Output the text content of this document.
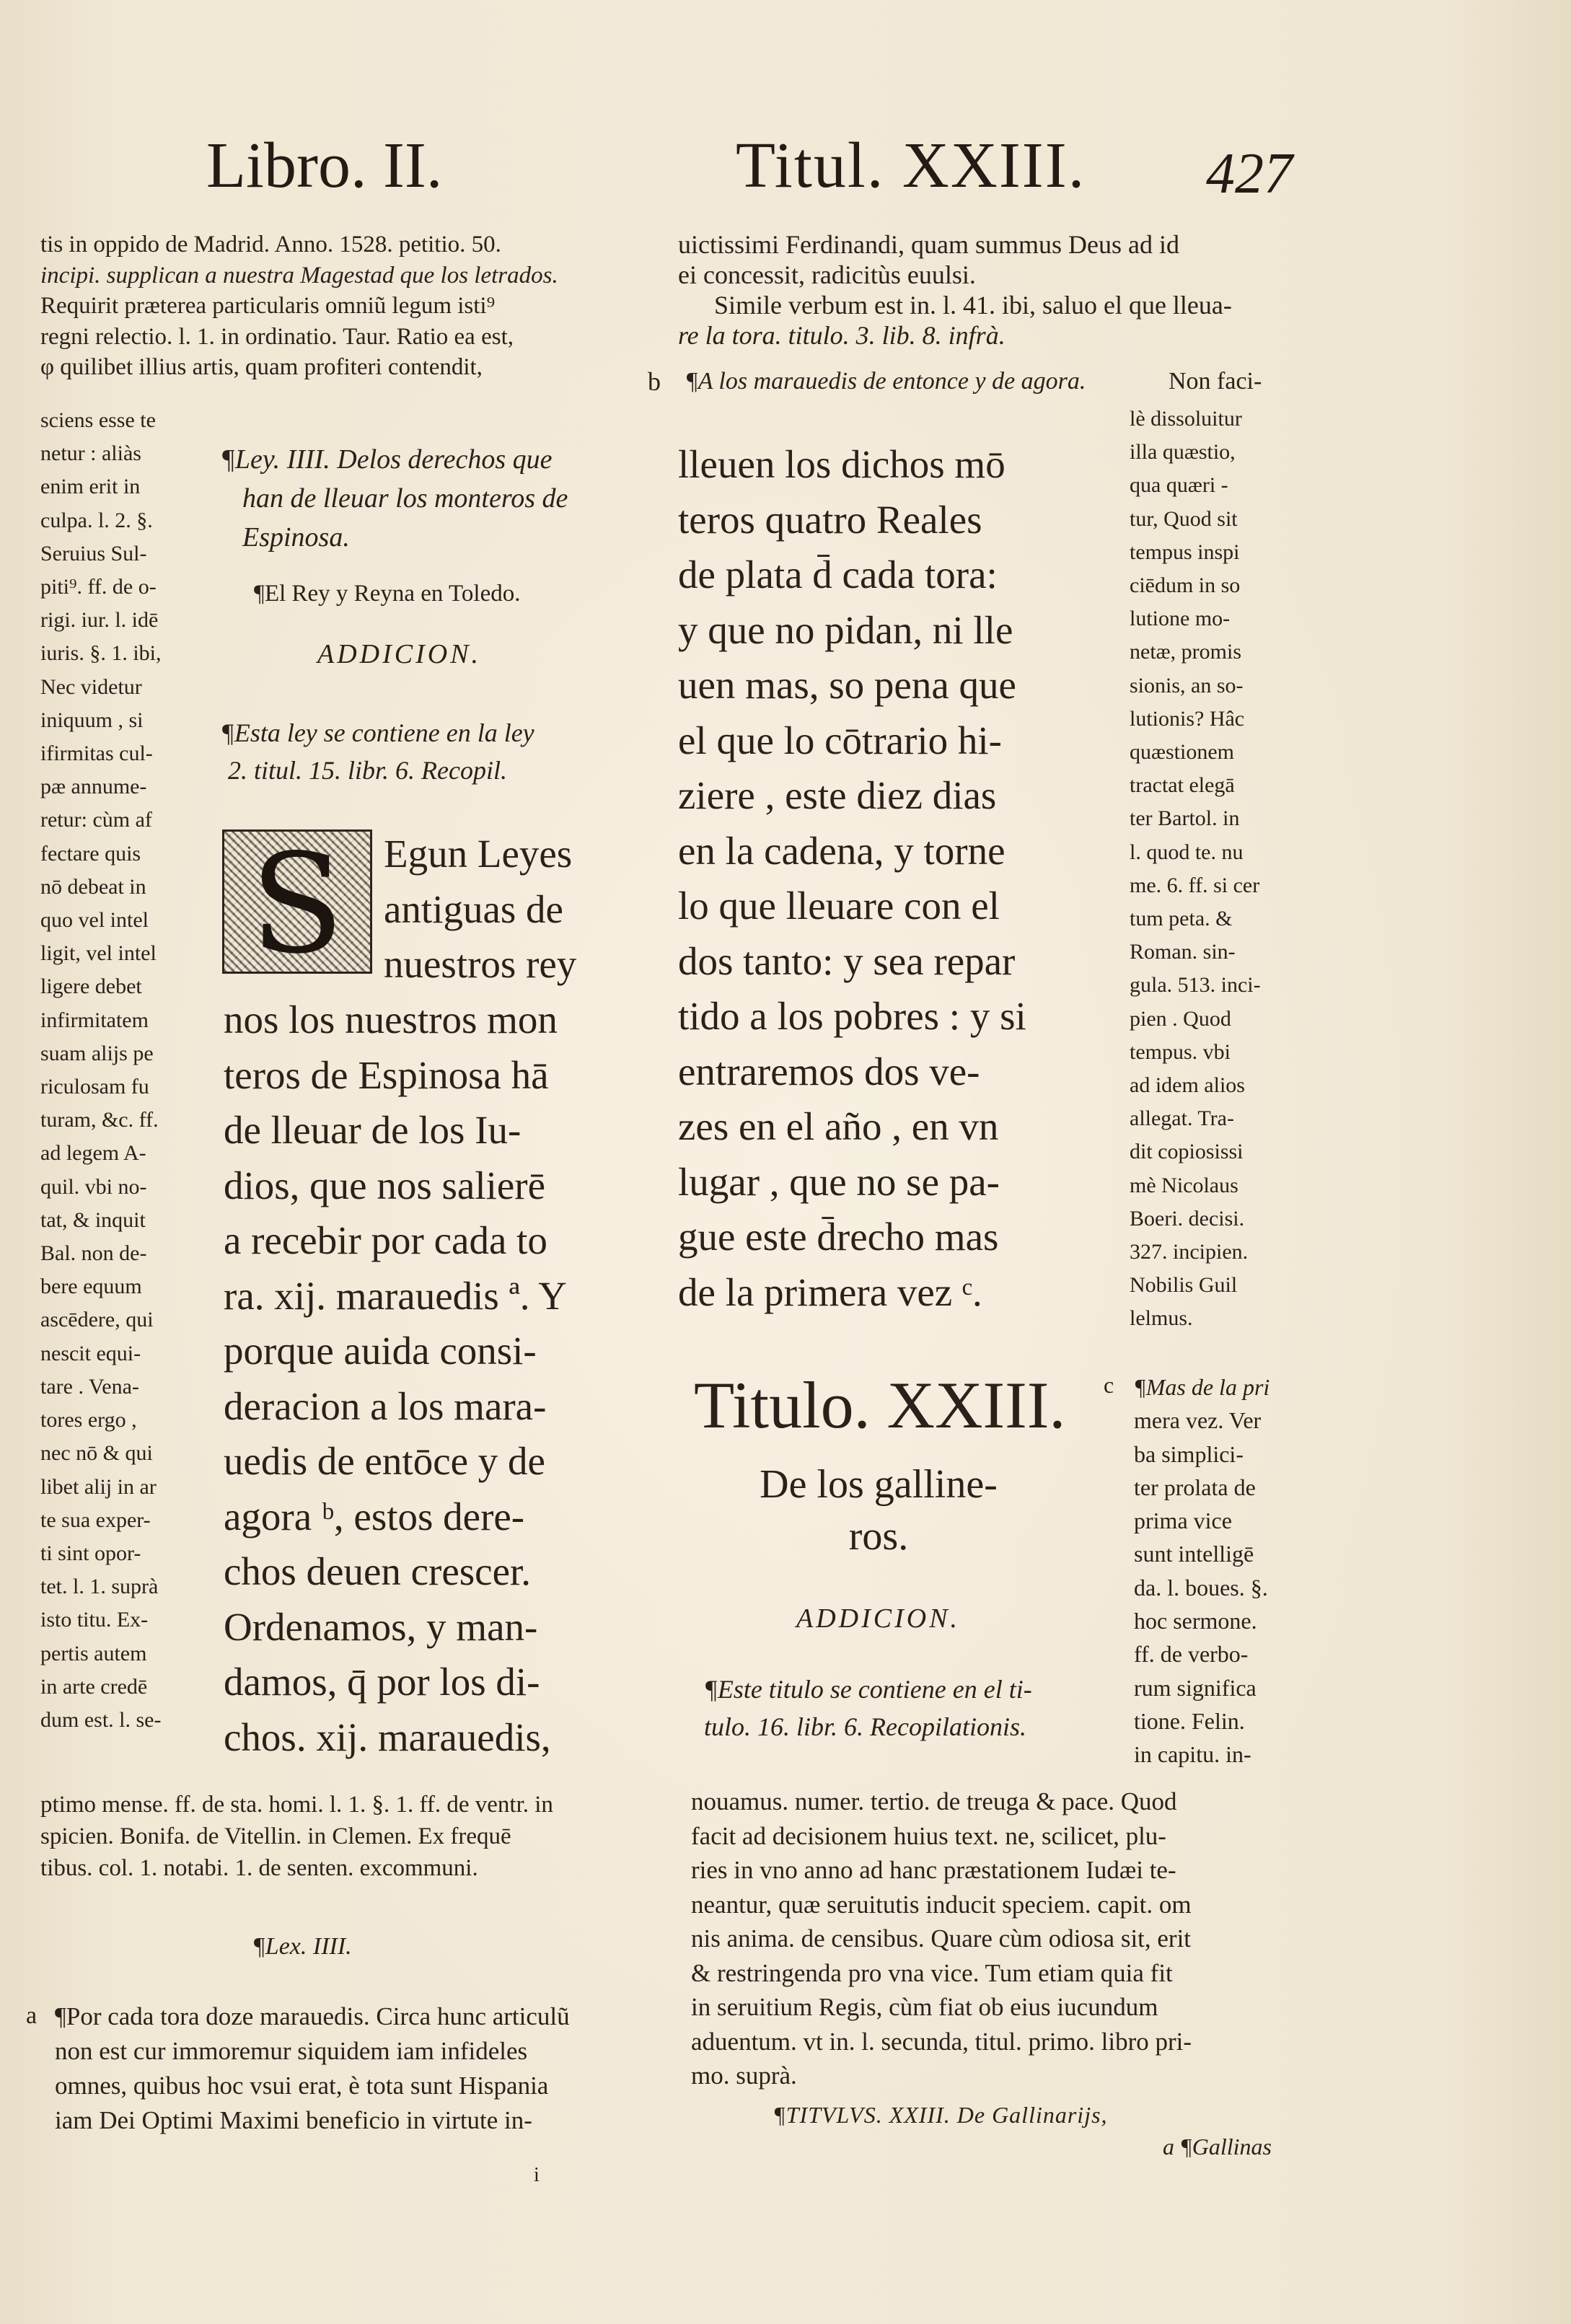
Libro. II.	Titul. XXIII. 427
tis in oppido de Madrid. Anno. 1528. petitio. 50.
incipi. supplican a nuestra Magestad que los letrados.
Requirit præterea particularis omniũ legum isti⁹
regni relectio. l. 1. in ordinatio. Taur. Ratio ea est,
φ quilibet illius artis, quam profiteri contendit,
sciens esse te
netur : aliàs
enim erit in
culpa. l. 2. §.
Seruius Sul-
piti⁹. ff. de o-
rigi. iur. l. idē
iuris. §. 1. ibi,
Nec videtur
iniquum , si
ifirmitas cul-
pæ annume-
retur: cùm af
fectare quis
nō debeat in
quo vel intel
ligit, vel intel
ligere debet
infirmitatem
suam alijs pe
riculosam fu
turam, &c. ff.
ad legem A-
quil. vbi no-
tat, & inquit
Bal. non de-
bere equum
ascēdere, qui
nescit equi-
tare . Vena-
tores ergo ,
nec nō & qui
libet alij in ar
te sua exper-
ti sint opor-
tet. l. 1. suprà
isto titu. Ex-
pertis autem
in arte credē
dum est. l. se-
¶Ley. IIII. Delos derechos que
han de lleuar los monteros de
Espinosa.
¶El Rey y Reyna en Toledo.
ADDICION.
¶Esta ley se contiene en la ley
2. titul. 15. libr. 6. Recopil.
S Egun Leyes
antiguas de
nuestros rey
nos los nuestros mon
teros de Espinosa hā
de lleuar de los Iu-
dios, que nos salierē
a recebir por cada to
ra. xij. marauedis ª. Y
porque auida consi-
deracion a los mara-
uedis de entōce y de
agora ᵇ, estos dere-
chos deuen crescer.
Ordenamos, y man-
damos, q̄ por los di-
chos. xij. marauedis,
ptimo mense. ff. de sta. homi. l. 1. §. 1. ff. de ventr. in
spicien. Bonifa. de Vitellin. in Clemen. Ex frequē
tibus. col. 1. notabi. 1. de senten. excommuni.
¶Lex. IIII.
a ¶Por cada tora doze marauedis. Circa hunc articulũ
non est cur immoremur siquidem iam infideles
omnes, quibus hoc vsui erat, è tota sunt Hispania
iam Dei Optimi Maximi beneficio in virtute in-
i
uictissimi Ferdinandi, quam summus Deus ad id
ei concessit, radicitùs euulsi.
Simile verbum est in. l. 41. ibi, saluo el que lleua-
re la tora. titulo. 3. lib. 8. infrà.
b ¶A los marauedis de entonce y de agora.	Non faci-
lleuen los dichos mō
teros quatro Reales
de plata d̄ cada tora:
y que no pidan, ni lle
uen mas, so pena que
el que lo cōtrario hi-
ziere , este diez dias
en la cadena, y torne
lo que lleuare con el
dos tanto: y sea repar
tido a los pobres : y si
entraremos dos ve-
zes en el año , en vn
lugar , que no se pa-
gue este d̄recho mas
de la primera vez ᶜ.
lè dissoluitur
illa quæstio,
qua quæri -
tur, Quod sit
tempus inspi
ciēdum in so
lutione mo-
netæ, promis
sionis, an so-
lutionis? Hâc
quæstionem
tractat elegā
ter Bartol. in
l. quod te. nu
me. 6. ff. si cer
tum peta. &
Roman. sin-
gula. 513. inci-
pien . Quod
tempus. vbi
ad idem alios
allegat. Tra-
dit copiosissi
mè Nicolaus
Boeri. decisi.
327. incipien.
Nobilis Guil
lelmus.
Titulo. XXIII.
De los galline-
ros.
ADDICION.
¶Este titulo se contiene en el ti-
tulo. 16. libr. 6. Recopilationis.
c ¶Mas de la pri
mera vez. Ver
ba simplici-
ter prolata de
prima vice
sunt intelligē
da. l. boues. §.
hoc sermone.
ff. de verbo-
rum significa
tione. Felin.
in capitu. in-
nouamus. numer. tertio. de treuga & pace. Quod
facit ad decisionem huius text. ne, scilicet, plu-
ries in vno anno ad hanc præstationem Iudæi te-
neantur, quæ seruitutis inducit speciem. capit. om
nis anima. de censibus. Quare cùm odiosa sit, erit
& restringenda pro vna vice. Tum etiam quia fit
in seruitium Regis, cùm fiat ob eius iucundum
aduentum. vt in. l. secunda, titul. primo. libro pri-
mo. suprà.
¶TITVLVS. XXIII. De Gallinarijs,
a ¶Gallinas
